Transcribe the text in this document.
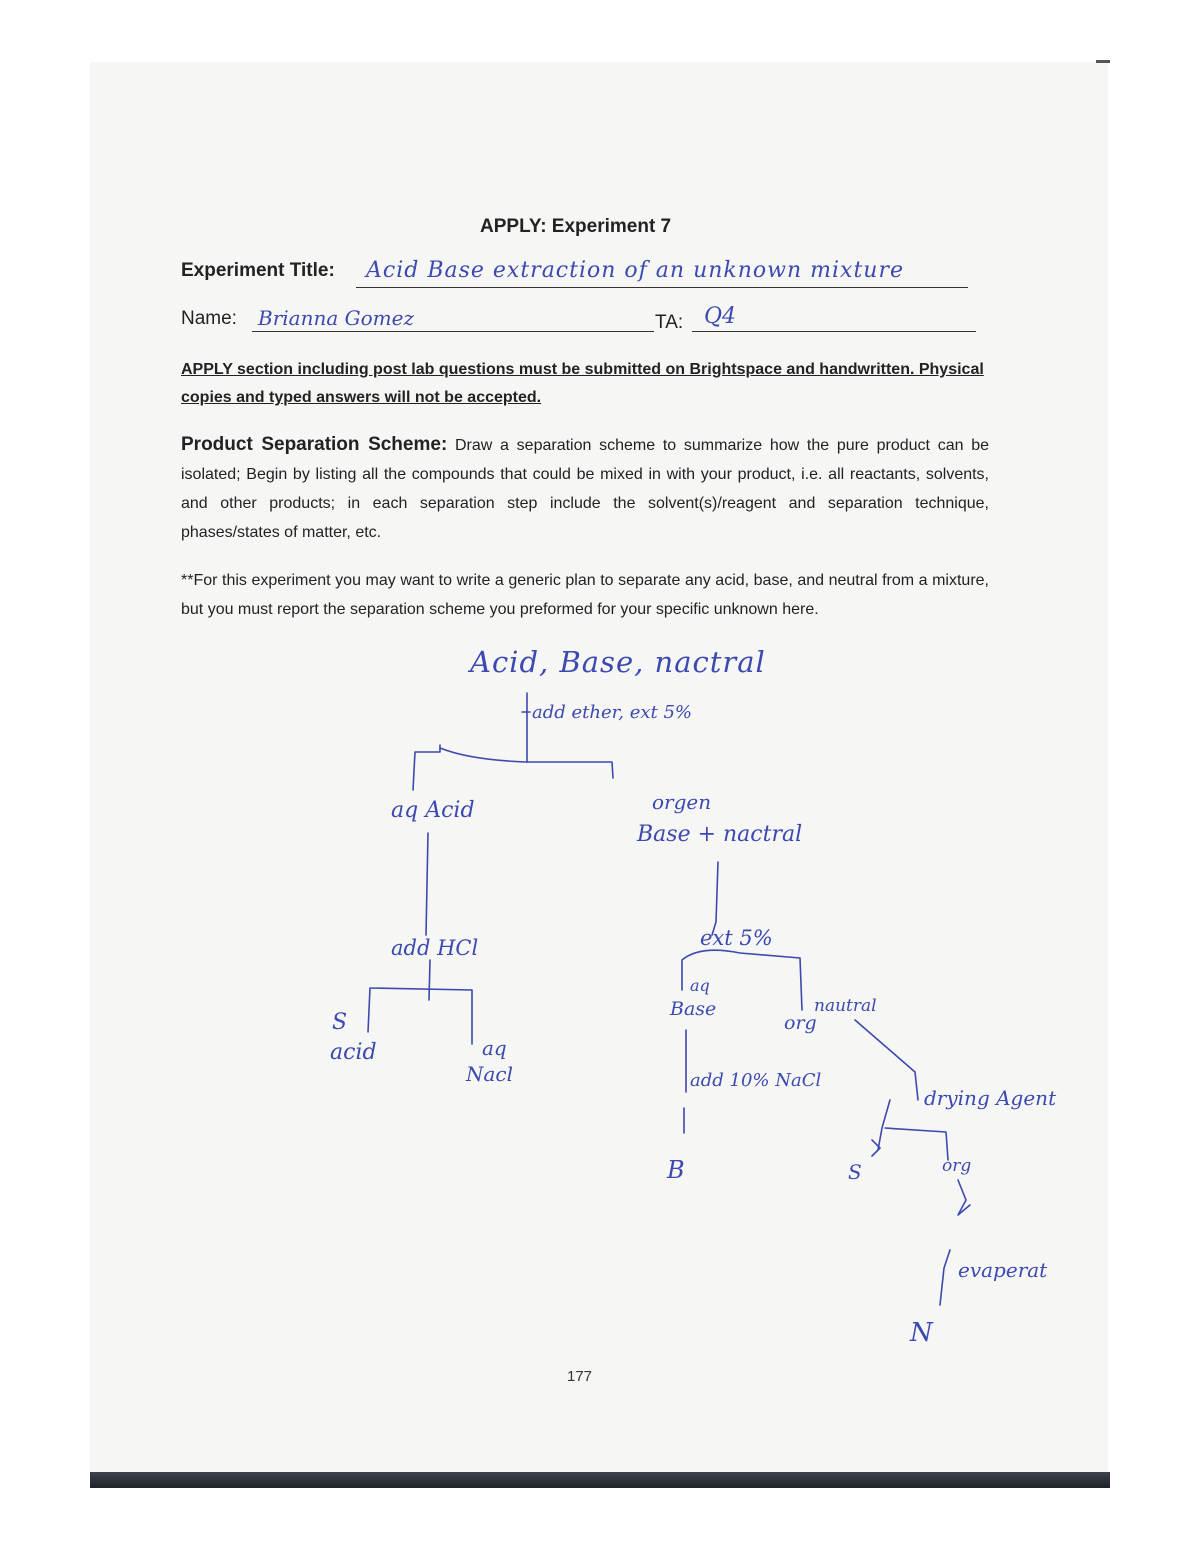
APPLY: Experiment 7
Experiment Title: Acid Base extraction of an unknown mixture
Name: Brianna Gomez	TA: Q4
APPLY section including post lab questions must be submitted on Brightspace and handwritten. Physical copies and typed answers will not be accepted.
Product Separation Scheme: Draw a separation scheme to summarize how the pure product can be isolated; Begin by listing all the compounds that could be mixed in with your product, i.e. all reactants, solvents, and other products; in each separation step include the solvent(s)/reagent and separation technique, phases/states of matter, etc.
**For this experiment you may want to write a generic plan to separate any acid, base, and neutral from a mixture, but you must report the separation scheme you preformed for your specific unknown here.
Acid, Base, nactral
add ether, ext 5%
aq Acid	orgen
Base + nactral
add HCl
S
acid	aq
Nacl
ext 5%
aq
Base	nautral
org
add 10% NaCl
B
drying Agent
S	org
evaperat
N
177
